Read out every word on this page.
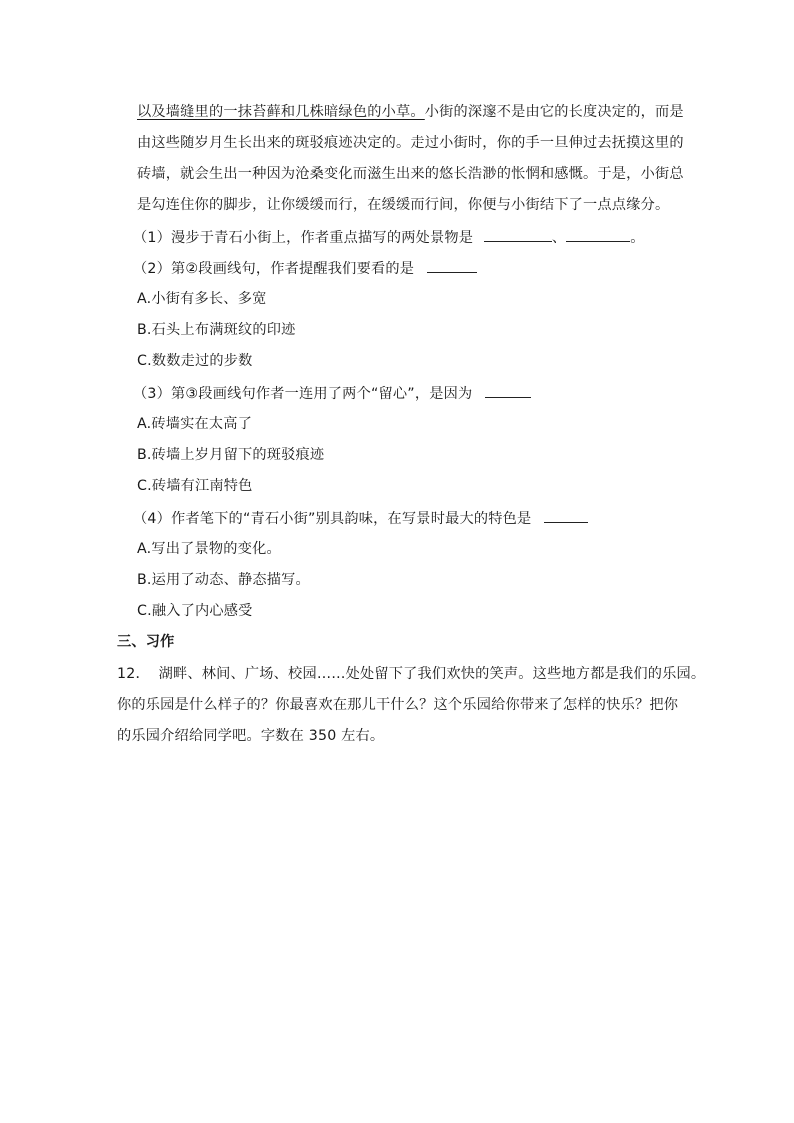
以及墙缝里的一抹苔藓和几株暗绿色的小草。小街的深邃不是由它的长度决定的，而是
由这些随岁月生长出来的斑驳痕迹决定的。走过小街时，你的手一旦伸过去抚摸这里的
砖墙，就会生出一种因为沧桑变化而滋生出来的悠长浩渺的怅惘和感慨。于是，小街总
是勾连住你的脚步，让你缓缓而行，在缓缓而行间，你便与小街结下了一点点缘分。
（1）漫步于青石小街上，作者重点描写的两处景物是	、	。
（2）第②段画线句，作者提醒我们要看的是
A.小街有多长、多宽
B.石头上布满斑纹的印迹
C.数数走过的步数
（3）第③段画线句作者一连用了两个“留心”，是因为
A.砖墙实在太高了
B.砖墙上岁月留下的斑驳痕迹
C.砖墙有江南特色
（4）作者笔下的“青石小街”别具韵味，在写景时最大的特色是
A.写出了景物的变化。
B.运用了动态、静态描写。
C.融入了内心感受
三、习作
12． 湖畔、林间、广场、校园……处处留下了我们欢快的笑声。这些地方都是我们的乐园。
你的乐园是什么样子的？你最喜欢在那儿干什么？这个乐园给你带来了怎样的快乐？把你
的乐园介绍给同学吧。字数在 350 左右。
